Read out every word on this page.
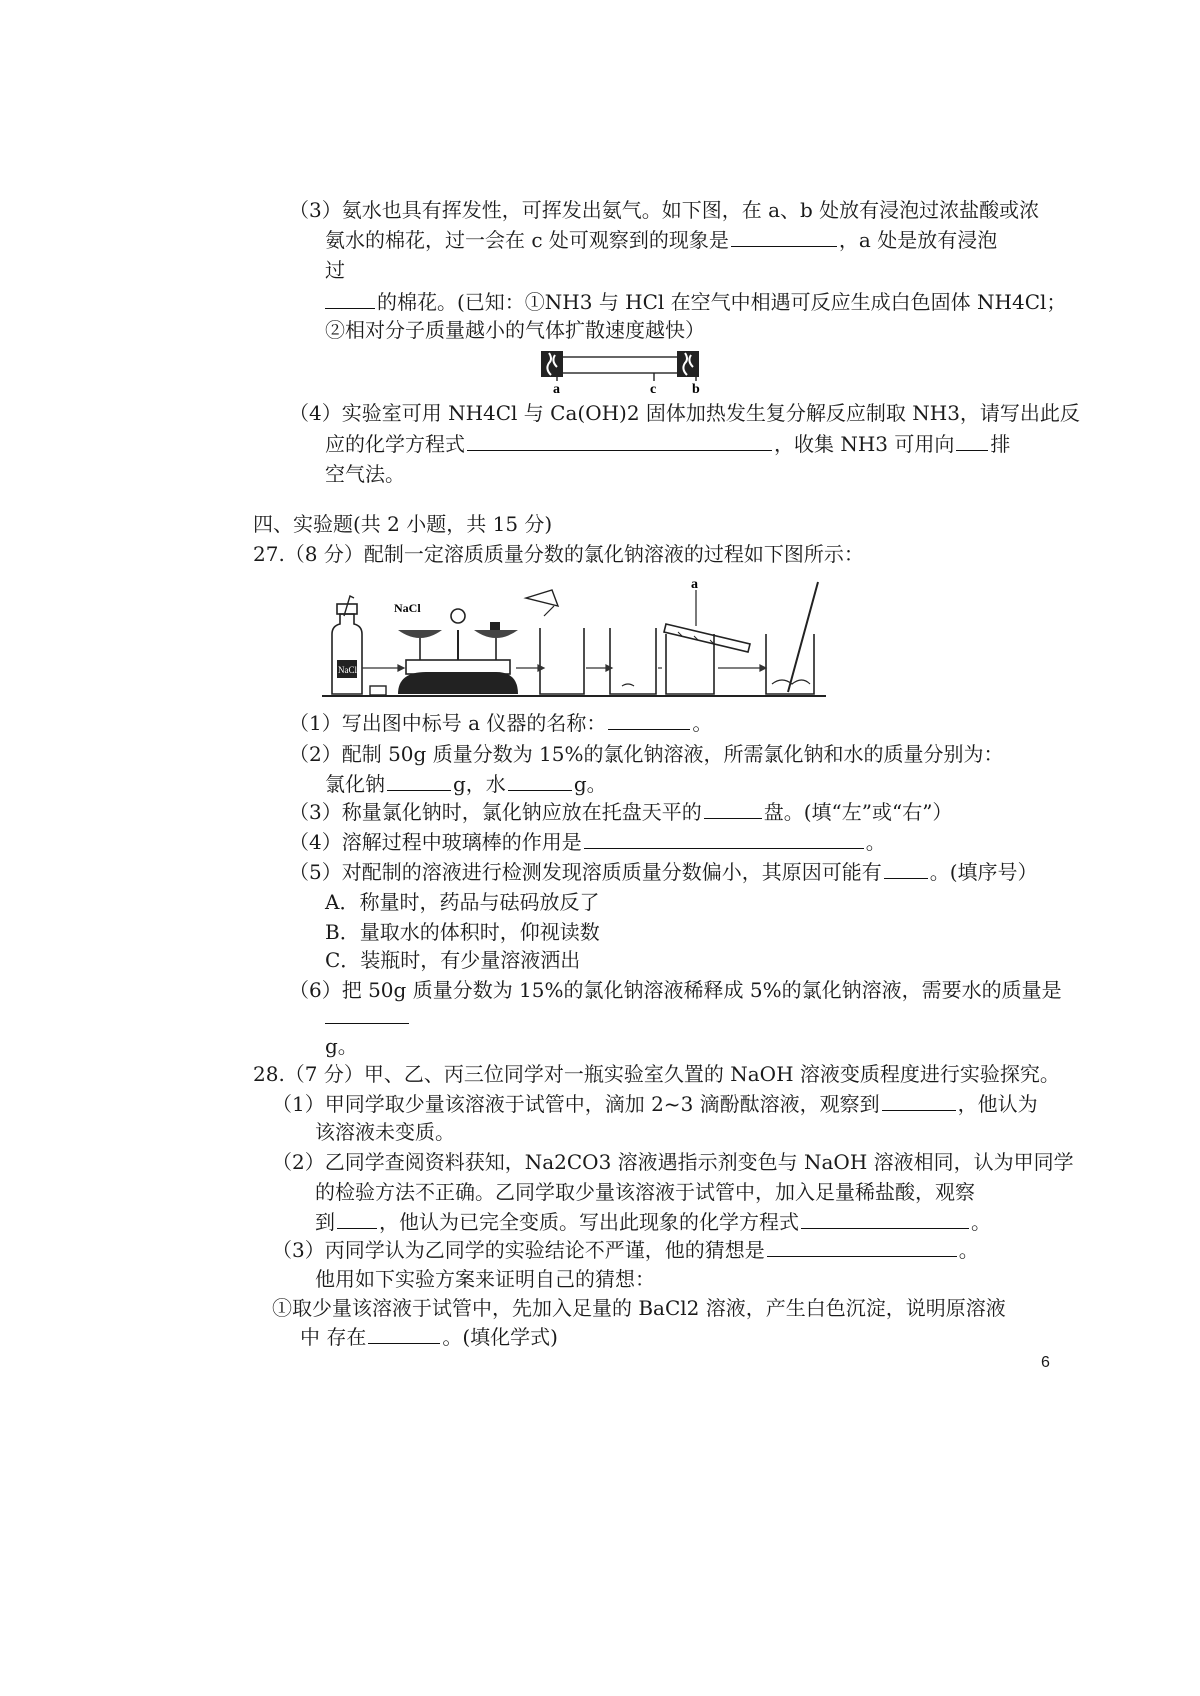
（3）氨水也具有挥发性，可挥发出氨气。如下图，在 a、b 处放有浸泡过浓盐酸或浓
氨水的棉花，过一会在 c 处可观察到的现象是	，a 处是放有浸泡
过
的棉花。(已知：①NH3 与 HCl 在空气中相遇可反应生成白色固体 NH4Cl；
②相对分子质量越小的气体扩散速度越快）
a	c	b
（4）实验室可用 NH4Cl 与 Ca(OH)2 固体加热发生复分解反应制取 NH3，请写出此反
应的化学方程式	，收集 NH3 可用向 排
空气法。
四、实验题(共 2 小题，共 15 分)
27.（8 分）配制一定溶质质量分数的氯化钠溶液的过程如下图所示：
NaCl
NaCl
a
（1）写出图中标号 a 仪器的名称：	。
（2）配制 50g 质量分数为 15%的氯化钠溶液，所需氯化钠和水的质量分别为：
氯化钠	g，水	g。
（3）称量氯化钠时，氯化钠应放在托盘天平的	盘。(填“左”或“右”）
（4）溶解过程中玻璃棒的作用是	。
（5）对配制的溶液进行检测发现溶质质量分数偏小，其原因可能有 。(填序号）
A．称量时，药品与砝码放反了
B．量取水的体积时，仰视读数
C．装瓶时，有少量溶液洒出
（6）把 50g 质量分数为 15%的氯化钠溶液稀释成 5%的氯化钠溶液，需要水的质量是
g。
28.（7 分）甲、乙、丙三位同学对一瓶实验室久置的 NaOH 溶液变质程度进行实验探究。
（1）甲同学取少量该溶液于试管中，滴加 2~3 滴酚酞溶液，观察到	，他认为
该溶液未变质。
（2）乙同学查阅资料获知，Na2CO3 溶液遇指示剂变色与 NaOH 溶液相同，认为甲同学
的检验方法不正确。乙同学取少量该溶液于试管中，加入足量稀盐酸，观察
到 ，他认为已完全变质。写出此现象的化学方程式	。
（3）丙同学认为乙同学的实验结论不严谨，他的猜想是	。
他用如下实验方案来证明自己的猜想：
①取少量该溶液于试管中，先加入足量的 BaCl2 溶液，产生白色沉淀，说明原溶液
中 存在	。(填化学式)
6
